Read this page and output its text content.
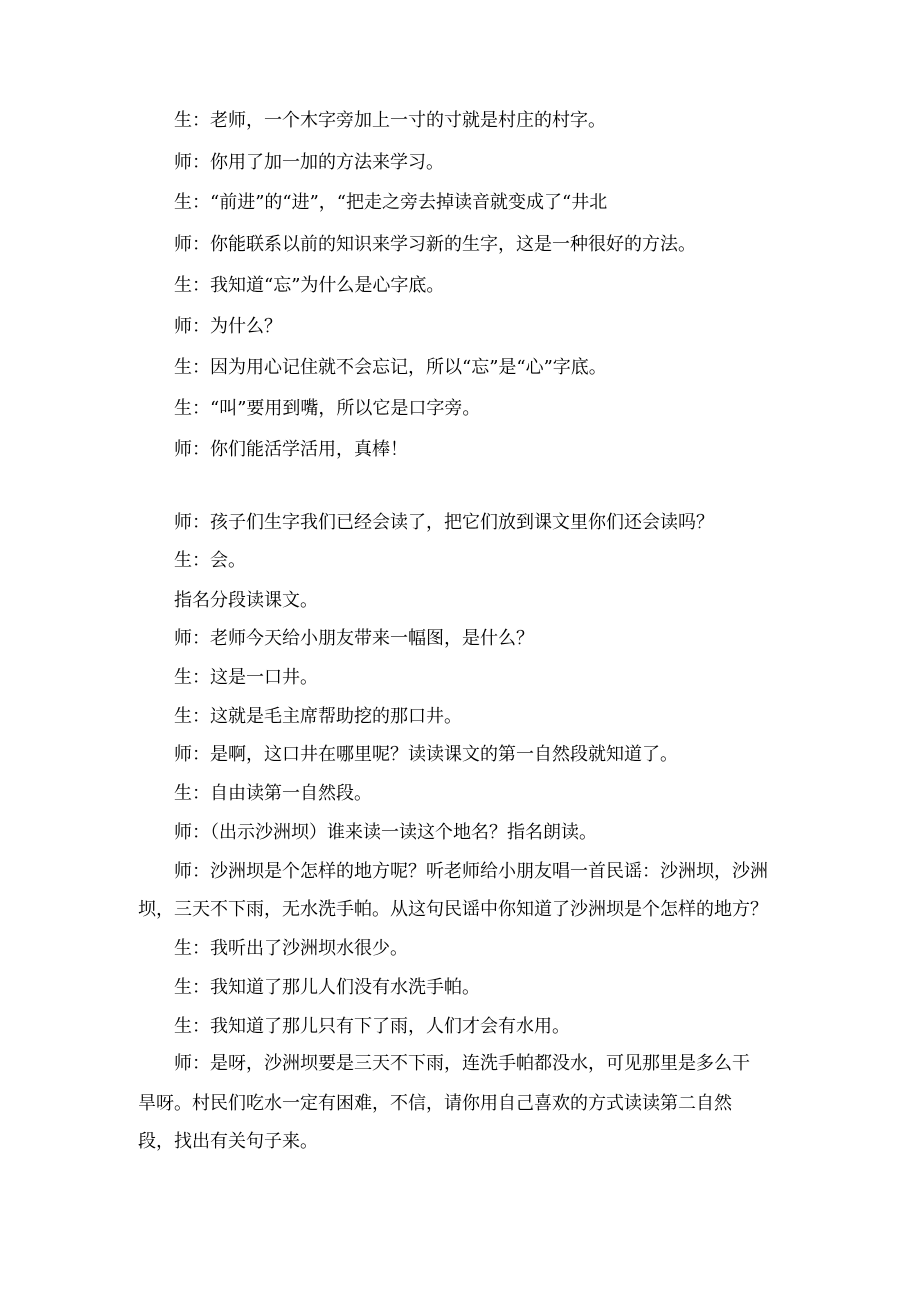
生：老师，一个木字旁加上一寸的寸就是村庄的村字。
师：你用了加一加的方法来学习。
生：“前进”的“进”，“把走之旁去掉读音就变成了“井北
师：你能联系以前的知识来学习新的生字，这是一种很好的方法。
生：我知道“忘”为什么是心字底。
师：为什么？
生：因为用心记住就不会忘记，所以“忘”是“心”字底。
生：“叫”要用到嘴，所以它是口字旁。
师：你们能活学活用，真棒！
师：孩子们生字我们已经会读了，把它们放到课文里你们还会读吗？
生：会。
指名分段读课文。
师：老师今天给小朋友带来一幅图，是什么？
生：这是一口井。
生：这就是毛主席帮助挖的那口井。
师：是啊，这口井在哪里呢？读读课文的第一自然段就知道了。
生：自由读第一自然段。
师：（出示沙洲坝）谁来读一读这个地名？指名朗读。
师：沙洲坝是个怎样的地方呢？听老师给小朋友唱一首民谣：沙洲坝，沙洲
坝，三天不下雨，无水洗手帕。从这句民谣中你知道了沙洲坝是个怎样的地方？
生：我听出了沙洲坝水很少。
生：我知道了那儿人们没有水洗手帕。
生：我知道了那儿只有下了雨，人们才会有水用。
师：是呀，沙洲坝要是三天不下雨，连洗手帕都没水，可见那里是多么干
旱呀。村民们吃水一定有困难，不信，请你用自己喜欢的方式读读第二自然
段，找出有关句子来。
